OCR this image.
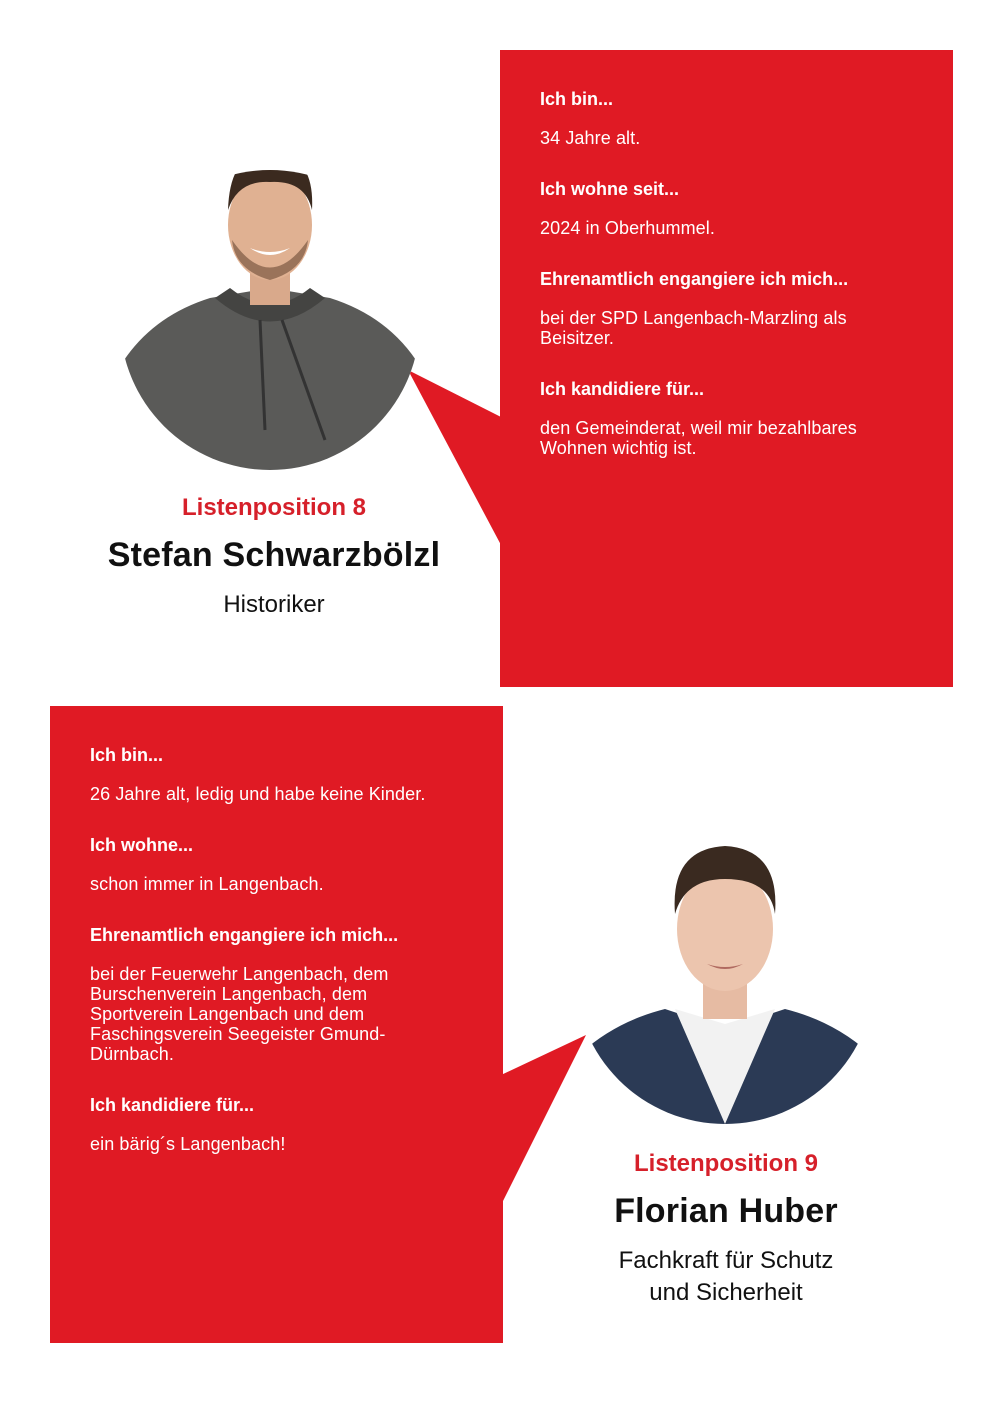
Ich bin...

34 Jahre alt.

Ich wohne seit...

2024 in Oberhummel.

Ehrenamtlich engangiere ich mich...

bei der SPD Langenbach-Marzling als Beisitzer.

Ich kandidiere für...

den Gemeinderat, weil mir bezahlbares Wohnen wichtig ist.

Listenposition 8

Stefan Schwarzbölzl

Historiker

Ich bin...

26 Jahre alt, ledig und habe keine Kinder.

Ich wohne...

schon immer in Langenbach.

Ehrenamtlich engangiere ich mich...

bei der Feuerwehr Langenbach, dem Burschenverein Langenbach, dem Sportverein Langenbach und dem Faschingsverein Seegeister Gmund-Dürnbach.

Ich kandidiere für...

ein bärig´s Langenbach!

Listenposition 9

Florian Huber

Fachkraft für Schutz
und Sicherheit
